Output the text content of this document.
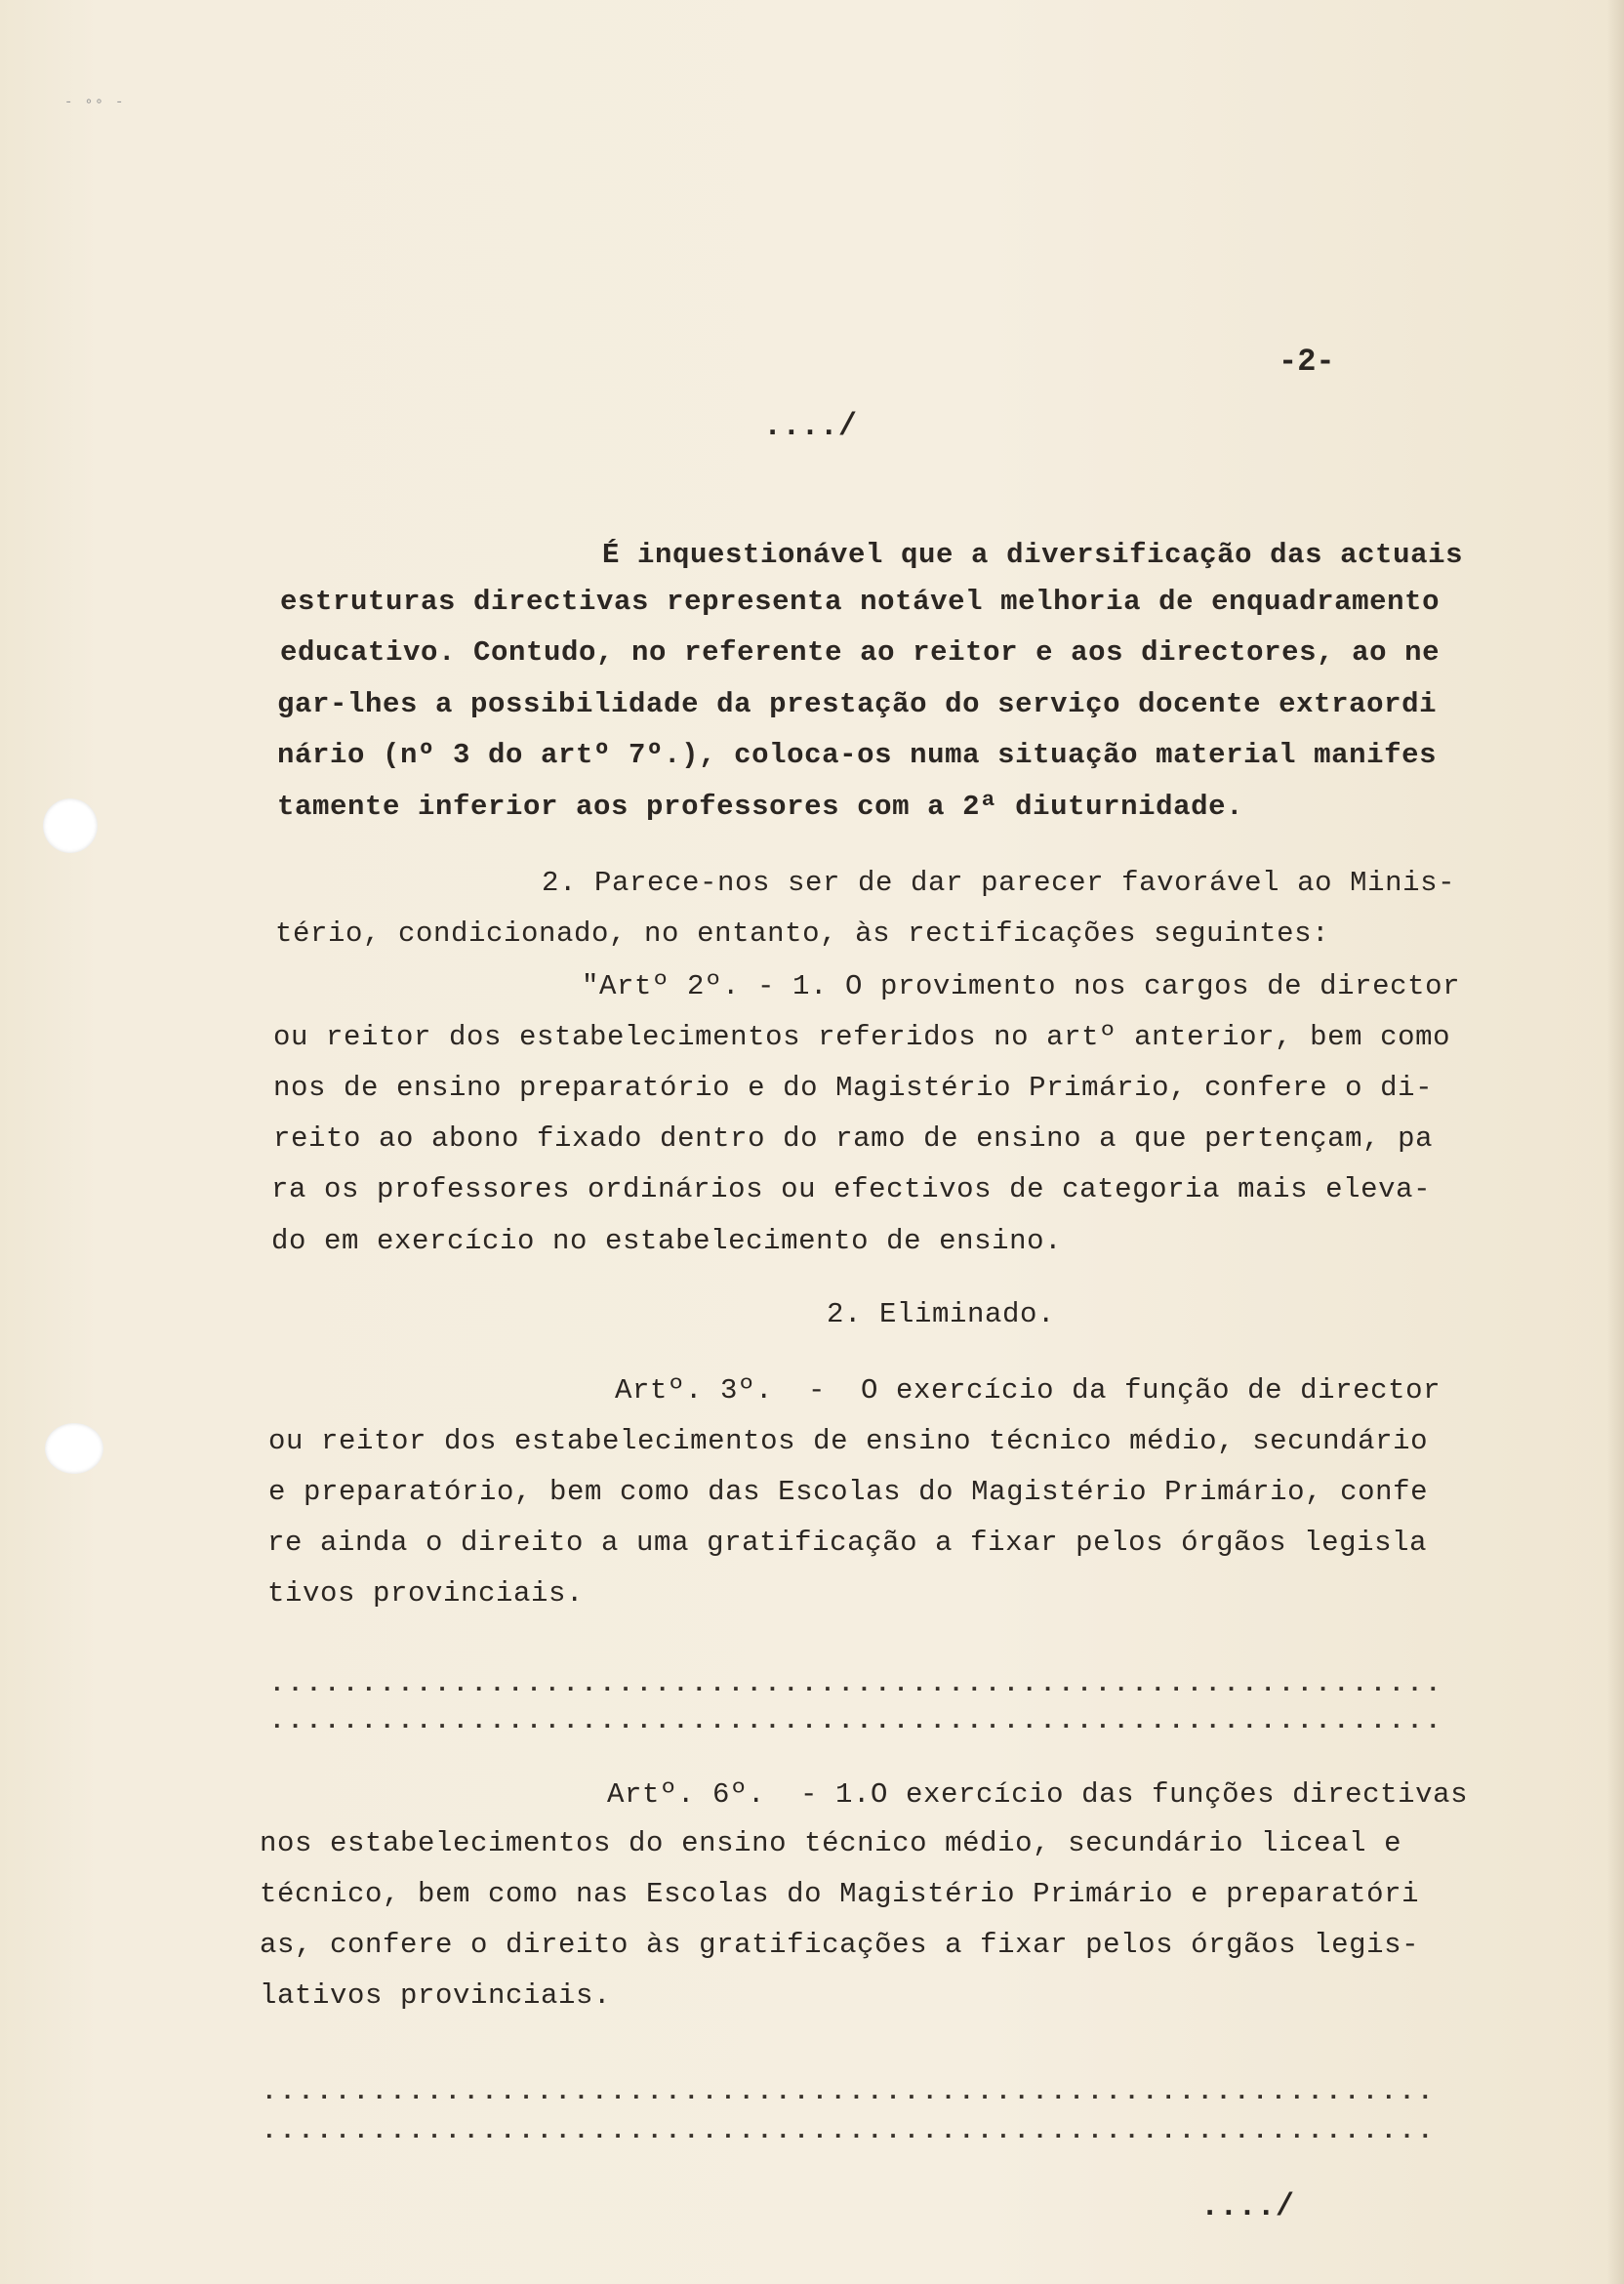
- ∘∘ -
-2-
..../
É inquestionável que a diversificação das actuais
estruturas directivas representa notável melhoria de enquadramento
educativo. Contudo, no referente ao reitor e aos directores, ao ne
gar-lhes a possibilidade da prestação do serviço docente extraordi
nário (nº 3 do artº 7º.), coloca-os numa situação material manifes
tamente inferior aos professores com a 2ª diuturnidade.
2. Parece-nos ser de dar parecer favorável ao Minis-
tério, condicionado, no entanto, às rectificações seguintes:
"Artº 2º. - 1. O provimento nos cargos de director
ou reitor dos estabelecimentos referidos no artº anterior, bem como
nos de ensino preparatório e do Magistério Primário, confere o di-
reito ao abono fixado dentro do ramo de ensino a que pertençam, pa
ra os professores ordinários ou efectivos de categoria mais eleva-
do em exercício no estabelecimento de ensino.
2. Eliminado.
Artº. 3º.  -  O exercício da função de director
ou reitor dos estabelecimentos de ensino técnico médio, secundário
e preparatório, bem como das Escolas do Magistério Primário, confe
re ainda o direito a uma gratificação a fixar pelos órgãos legisla
tivos provinciais.
................................................................
................................................................
Artº. 6º.  - 1.O exercício das funções directivas
nos estabelecimentos do ensino técnico médio, secundário liceal e
técnico, bem como nas Escolas do Magistério Primário e preparatóri
as, confere o direito às gratificações a fixar pelos órgãos legis-
lativos provinciais.
................................................................
................................................................
..../
